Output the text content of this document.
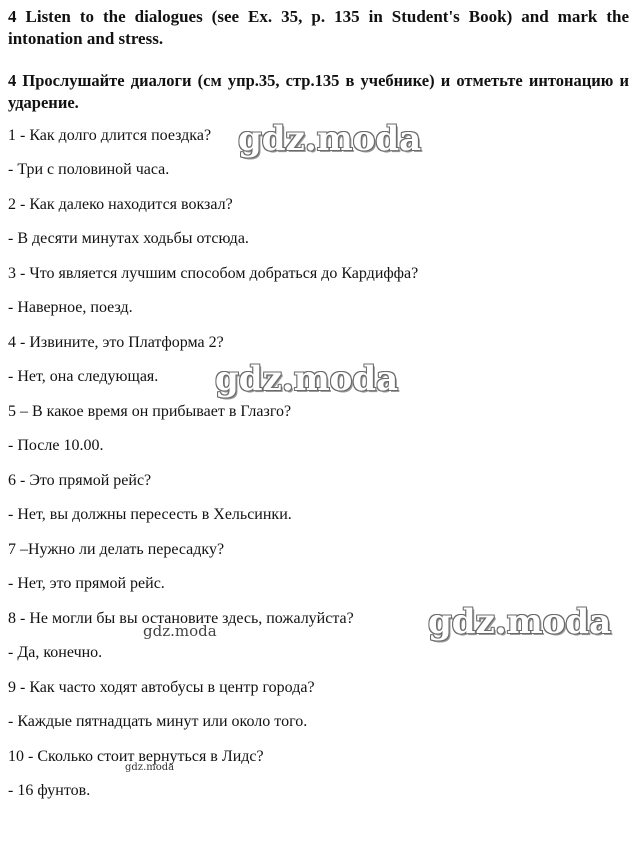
4 Listen to the dialogues (see Ex. 35, p. 135 in Student's Book) and mark the intonation and stress.
4 Прослушайте диалоги (см упр.35, стр.135 в учебнике) и отметьте интонацию и ударение.
1 - Как долго длится поездка?
- Три с половиной часа.
2 - Как далеко находится вокзал?
- В десяти минутах ходьбы отсюда.
3 - Что является лучшим способом добраться до Кардиффа?
- Наверное, поезд.
4 - Извините, это Платформа 2?
- Нет, она следующая.
5 – В какое время он прибывает в Глазго?
- После 10.00.
6 - Это прямой рейс?
- Нет, вы должны пересесть в Хельсинки.
7 –Нужно ли делать пересадку?
- Нет, это прямой рейс.
8 - Не могли бы вы остановите здесь, пожалуйста?
- Да, конечно.
9 - Как часто ходят автобусы в центр города?
- Каждые пятнадцать минут или около того.
10 - Сколько стоит вернуться в Лидс?
- 16 фунтов.
gdz.moda
gdz.moda
gdz.moda
gdz.moda
gdz.moda
